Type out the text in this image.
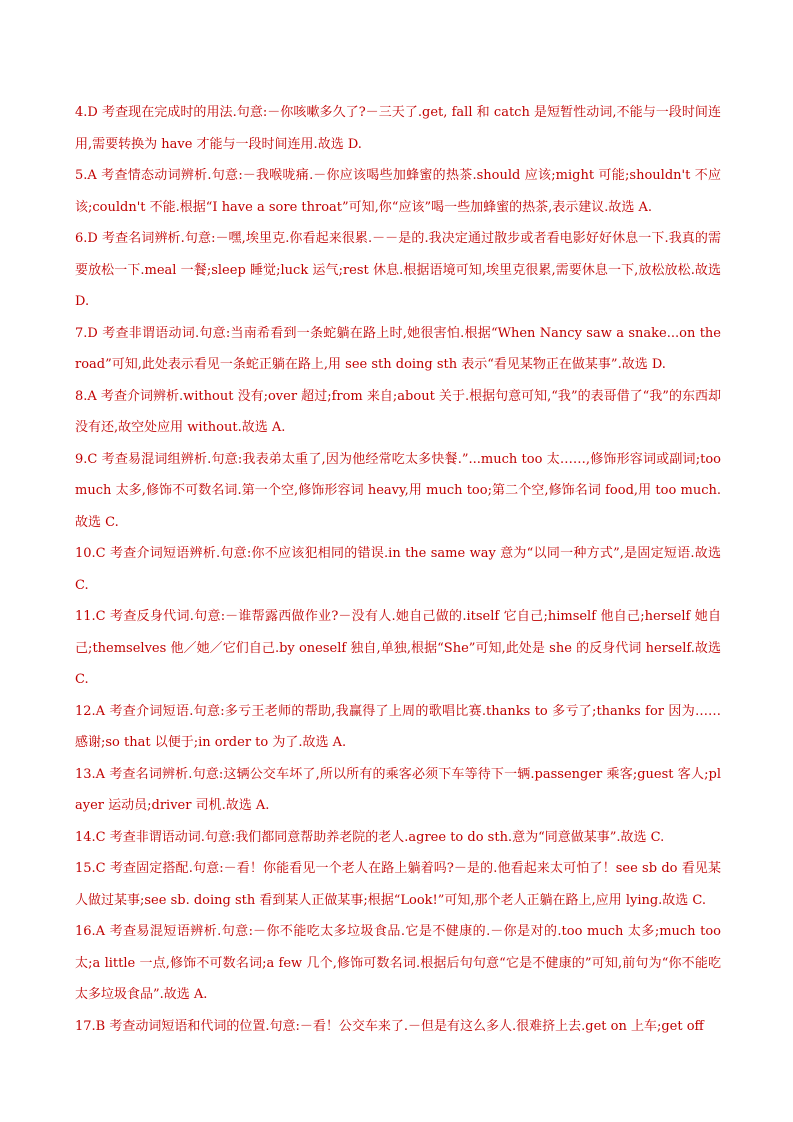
4.D 考查现在完成时的用法.句意:－你咳嗽多久了?－三天了.get, fall 和 catch 是短暂性动词,不能与一段时间连用,需要转换为 have 才能与一段时间连用.故选 D.

5.A 考查情态动词辨析.句意:－我喉咙痛.－你应该喝些加蜂蜜的热茶.should 应该;might 可能;shouldn't 不应该;couldn't 不能.根据“I have a sore throat”可知,你“应该”喝一些加蜂蜜的热茶,表示建议.故选 A.

6.D 考查名词辨析.句意:－嘿,埃里克.你看起来很累.－－是的.我决定通过散步或者看电影好好休息一下.我真的需要放松一下.meal 一餐;sleep 睡觉;luck 运气;rest 休息.根据语境可知,埃里克很累,需要休息一下,放松放松.故选 D.

7.D 考查非谓语动词.句意:当南希看到一条蛇躺在路上时,她很害怕.根据“When Nancy saw a snake...on the road”可知,此处表示看见一条蛇正躺在路上,用 see sth doing sth 表示“看见某物正在做某事”.故选 D.

8.A 考查介词辨析.without 没有;over 超过;from 来自;about 关于.根据句意可知,“我”的表哥借了“我”的东西却没有还,故空处应用 without.故选 A.

9.C 考查易混词组辨析.句意:我表弟太重了,因为他经常吃太多快餐.”...much too 太……,修饰形容词或副词;too much 太多,修饰不可数名词.第一个空,修饰形容词 heavy,用 much too;第二个空,修饰名词 food,用 too much.故选 C.

10.C 考查介词短语辨析.句意:你不应该犯相同的错误.in the same way 意为“以同一种方式”,是固定短语.故选 C.

11.C 考查反身代词.句意:－谁帮露西做作业?－没有人.她自己做的.itself 它自己;himself 他自己;herself 她自己;themselves 他／她／它们自己.by oneself 独自,单独,根据“She”可知,此处是 she 的反身代词 herself.故选 C.

12.A 考查介词短语.句意:多亏王老师的帮助,我赢得了上周的歌唱比赛.thanks to 多亏了;thanks for 因为……感谢;so that 以便于;in order to 为了.故选 A.

13.A 考查名词辨析.句意:这辆公交车坏了,所以所有的乘客必须下车等待下一辆.passenger 乘客;guest 客人;player 运动员;driver 司机.故选 A.

14.C 考查非谓语动词.句意:我们都同意帮助养老院的老人.agree to do sth.意为“同意做某事”.故选 C.

15.C 考查固定搭配.句意:－看！你能看见一个老人在路上躺着吗?－是的.他看起来太可怕了！see sb do 看见某人做过某事;see sb. doing sth 看到某人正做某事;根据“Look!”可知,那个老人正躺在路上,应用 lying.故选 C.

16.A 考查易混短语辨析.句意:－你不能吃太多垃圾食品.它是不健康的.－你是对的.too much 太多;much too 太;a little 一点,修饰不可数名词;a few 几个,修饰可数名词.根据后句句意“它是不健康的”可知,前句为“你不能吃太多垃圾食品”.故选 A.

17.B 考查动词短语和代词的位置.句意:－看！公交车来了.－但是有这么多人.很难挤上去.get on 上车;get off
